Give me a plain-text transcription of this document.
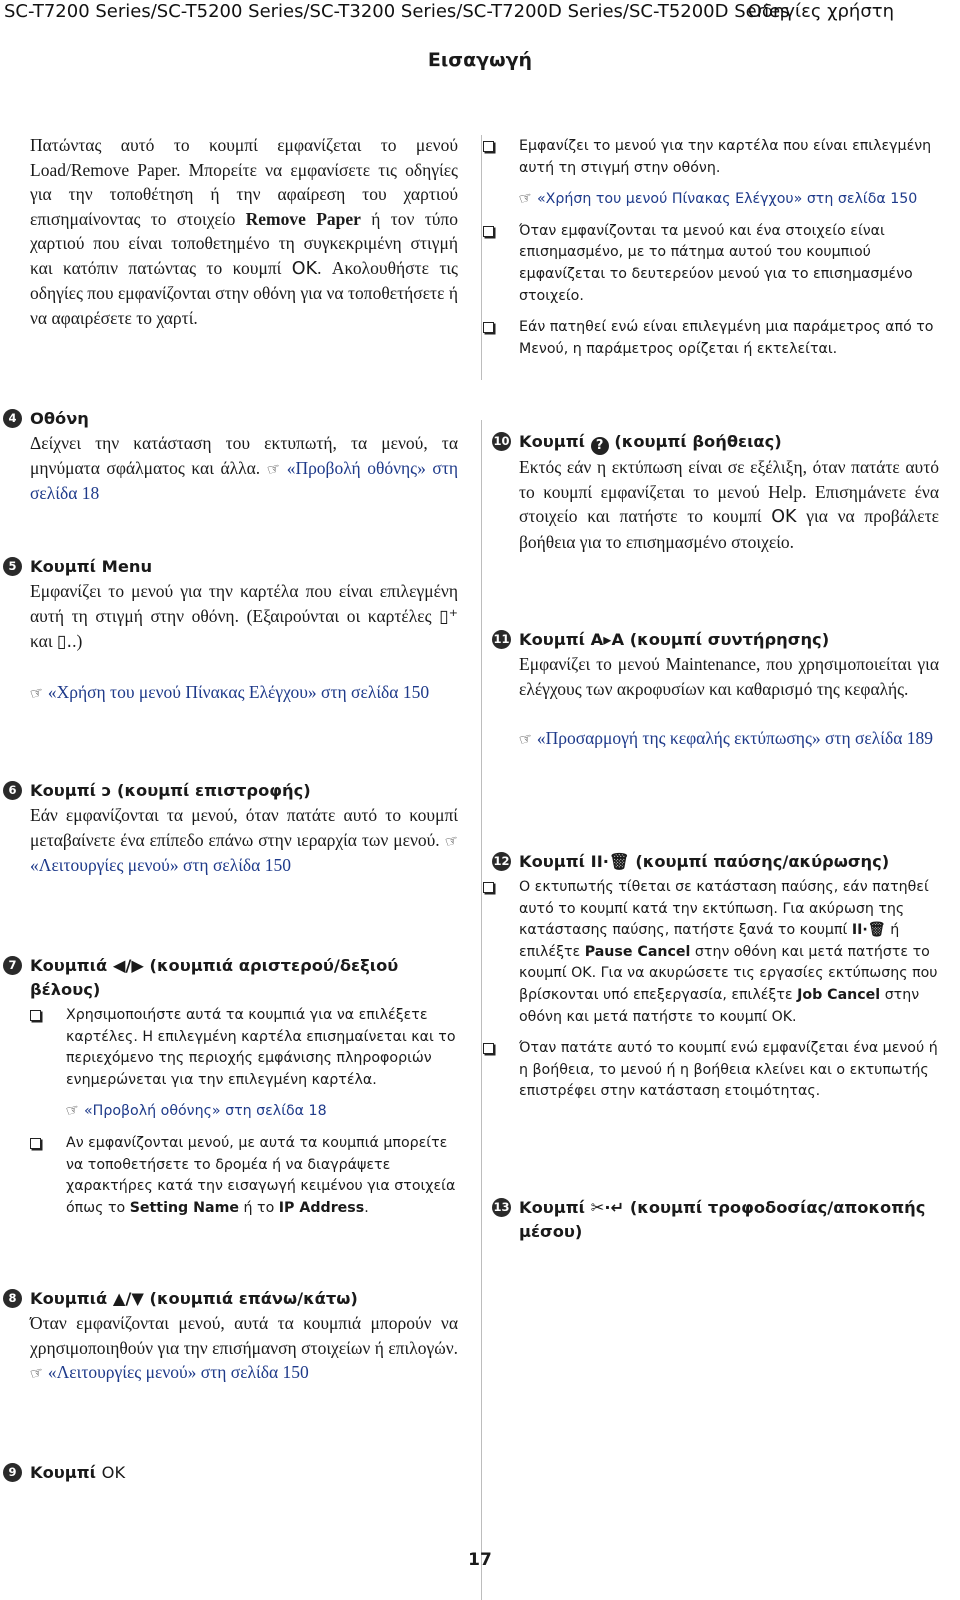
SC-T7200 Series/SC-T5200 Series/SC-T3200 Series/SC-T7200D Series/SC-T5200D Series
Οδηγίες χρήστη
Εισαγωγή

Πατώντας αυτό το κουμπί εμφανίζεται το μενού Load/Remove Paper. Μπορείτε να εμφανίσετε τις οδηγίες για την τοποθέτηση ή την αφαίρεση του χαρτιού επισημαίνοντας το στοιχείο Remove Paper ή τον τύπο χαρτιού που είναι τοποθετημένο τη συγκεκριμένη στιγμή και κατόπιν πατώντας το κουμπί OK. Ακολουθήστε τις οδηγίες που εμφανίζονται στην οθόνη για να τοποθετήσετε ή να αφαιρέσετε το χαρτί.

4 Οθόνη

Δείχνει την κατάσταση του εκτυπωτή, τα μενού, τα μηνύματα σφάλματος και άλλα. ☞ «Προβολή οθόνης» στη σελίδα 18

5 Κουμπί Menu

Εμφανίζει το μενού για την καρτέλα που είναι επιλεγμένη αυτή τη στιγμή στην οθόνη. (Εξαιρούνται οι καρτέλες ▯⁺ και ▯..)

☞ «Χρήση του μενού Πίνακας Ελέγχου» στη σελίδα 150

6 Κουμπί ↄ (κουμπί επιστροφής)

Εάν εμφανίζονται τα μενού, όταν πατάτε αυτό το κουμπί μεταβαίνετε ένα επίπεδο επάνω στην ιεραρχία των μενού. ☞ «Λειτουργίες μενού» στη σελίδα 150

7 Κουμπιά ◀/▶ (κουμπιά αριστερού/δεξιού βέλους)
Χρησιμοποιήστε αυτά τα κουμπιά για να επιλέξετε καρτέλες. Η επιλεγμένη καρτέλα επισημαίνεται και το περιεχόμενο της περιοχής εμφάνισης πληροφοριών ενημερώνεται για την επιλεγμένη καρτέλα.
☞ «Προβολή οθόνης» στη σελίδα 18
Αν εμφανίζονται μενού, με αυτά τα κουμπιά μπορείτε να τοποθετήσετε το δρομέα ή να διαγράψετε χαρακτήρες κατά την εισαγωγή κειμένου για στοιχεία όπως το Setting Name ή το IP Address.
8 Κουμπιά ▲/▼ (κουμπιά επάνω/κάτω)

Όταν εμφανίζονται μενού, αυτά τα κουμπιά μπορούν να χρησιμοποιηθούν για την επισήμανση στοιχείων ή επιλογών. ☞ «Λειτουργίες μενού» στη σελίδα 150

9 Κουμπί OK
Εμφανίζει το μενού για την καρτέλα που είναι επιλεγμένη αυτή τη στιγμή στην οθόνη.
☞ «Χρήση του μενού Πίνακας Ελέγχου» στη σελίδα 150
Όταν εμφανίζονται τα μενού και ένα στοιχείο είναι επισημασμένο, με το πάτημα αυτού του κουμπιού εμφανίζεται το δευτερεύον μενού για το επισημασμένο στοιχείο.
Εάν πατηθεί ενώ είναι επιλεγμένη μια παράμετρος από το Μενού, η παράμετρος ορίζεται ή εκτελείται.
10 Κουμπί ? (κουμπί βοήθειας)

Εκτός εάν η εκτύπωση είναι σε εξέλιξη, όταν πατάτε αυτό το κουμπί εμφανίζεται το μενού Help. Επισημάνετε ένα στοιχείο και πατήστε το κουμπί OK για να προβάλετε βοήθεια για το επισημασμένο στοιχείο.

11 Κουμπί A▸A (κουμπί συντήρησης)

Εμφανίζει το μενού Maintenance, που χρησιμοποιείται για ελέγχους των ακροφυσίων και καθαρισμό της κεφαλής.

☞ «Προσαρμογή της κεφαλής εκτύπωσης» στη σελίδα 189

12 Κουμπί II·🗑 (κουμπί παύσης/ακύρωσης)
Ο εκτυπωτής τίθεται σε κατάσταση παύσης, εάν πατηθεί αυτό το κουμπί κατά την εκτύπωση. Για ακύρωση της κατάστασης παύσης, πατήστε ξανά το κουμπί II·🗑 ή επιλέξτε Pause Cancel στην οθόνη και μετά πατήστε το κουμπί OK. Για να ακυρώσετε τις εργασίες εκτύπωσης που βρίσκονται υπό επεξεργασία, επιλέξτε Job Cancel στην οθόνη και μετά πατήστε το κουμπί OK.
Όταν πατάτε αυτό το κουμπί ενώ εμφανίζεται ένα μενού ή η βοήθεια, το μενού ή η βοήθεια κλείνει και ο εκτυπωτής επιστρέφει στην κατάσταση ετοιμότητας.
13 Κουμπί ✂·↵ (κουμπί τροφοδοσίας/αποκοπής μέσου)
17
